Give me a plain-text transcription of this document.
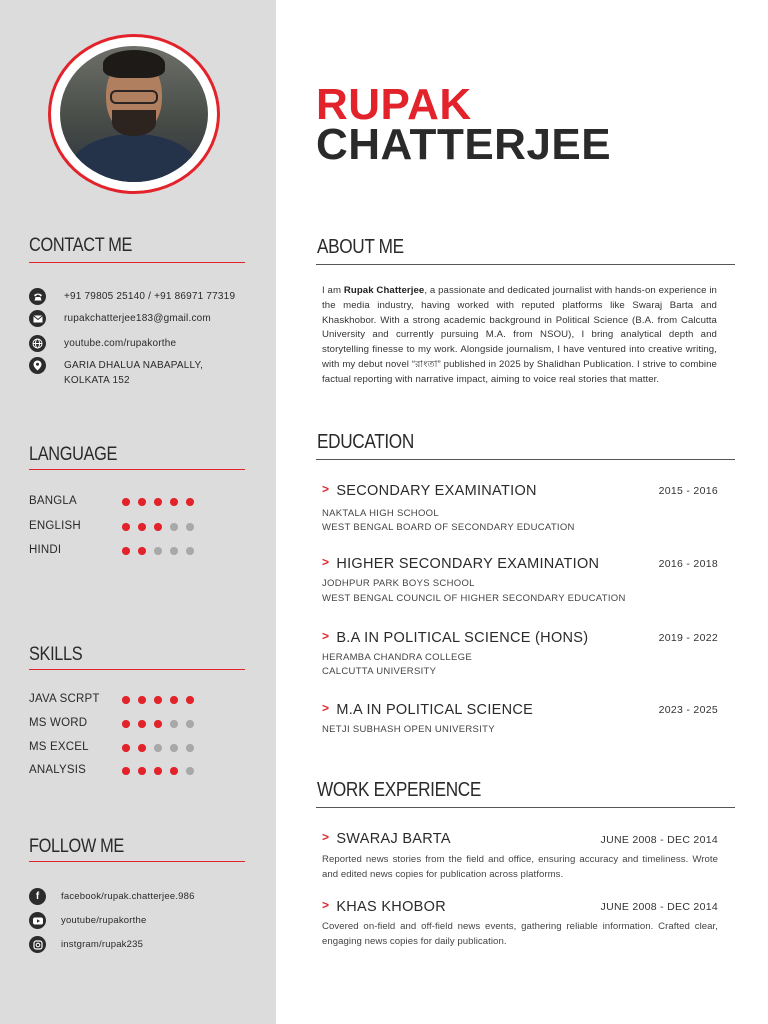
CONTACT ME
+91 79805 25140 / +91 86971 77319
rupakchatterjee183@gmail.com
youtube.com/rupakorthe
GARIA DHALUA NABAPALLY,
KOLKATA 152
LANGUAGE
BANGLA
ENGLISH
HINDI
SKILLS
JAVA SCRPT
MS WORD
MS EXCEL
ANALYSIS
FOLLOW ME
f	facebook/rupak.chatterjee.986
youtube/rupakorthe
instgram/rupak235
RUPAK
CHATTERJEE
ABOUT ME
I am Rupak Chatterjee, a passionate and dedicated journalist with hands-on experience in the media industry, having worked with reputed platforms like Swaraj Barta and Khaskhobor. With a strong academic background in Political Science (B.A. from Calcutta University and currently pursuing M.A. from NSOU), I bring analytical depth and storytelling finesse to my work. Alongside journalism, I have ventured into creative writing, with my debut novel “রাংতা” published in 2025 by Shalidhan Publication. I strive to combine factual reporting with narrative impact, aiming to voice real stories that matter.
EDUCATION
> SECONDARY EXAMINATION	2015 - 2016
NAKTALA HIGH SCHOOL
WEST BENGAL BOARD OF SECONDARY EDUCATION
> HIGHER SECONDARY EXAMINATION	2016 - 2018
JODHPUR PARK BOYS SCHOOL
WEST BENGAL COUNCIL OF HIGHER SECONDARY EDUCATION
> B.A IN POLITICAL SCIENCE (HONS)	2019 - 2022
HERAMBA CHANDRA COLLEGE
CALCUTTA UNIVERSITY
> M.A IN POLITICAL SCIENCE	2023 - 2025
NETJI SUBHASH OPEN UNIVERSITY
WORK EXPERIENCE
> SWARAJ BARTA	JUNE 2008 - DEC 2014
Reported news stories from the field and office, ensuring accuracy and timeliness. Wrote and edited news copies for publication across platforms.
> KHAS KHOBOR	JUNE 2008 - DEC 2014
Covered on-field and off-field news events, gathering reliable information. Crafted clear, engaging news copies for daily publication.
